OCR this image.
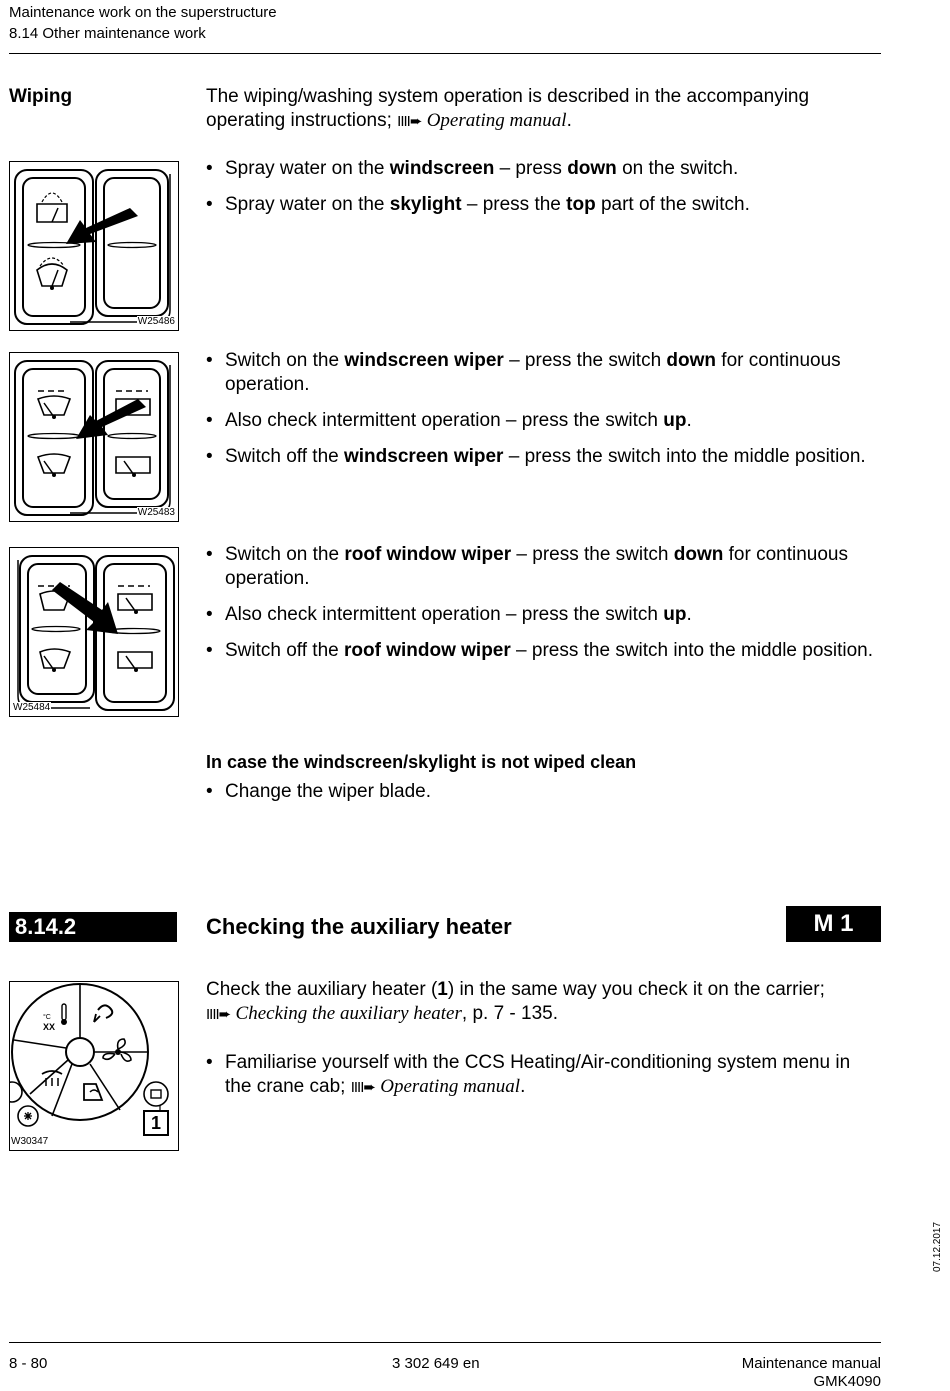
Maintenance work on the superstructure
8.14 Other maintenance work
Wiping	The wiping/washing system operation is described in the accompanying operating instructions; IIII➨ Operating manual.
• Spray water on the windscreen – press down on the switch.
• Spray water on the skylight – press the top part of the switch.
• Switch on the windscreen wiper – press the switch down for continuous operation.
• Also check intermittent operation – press the switch up.
• Switch off the windscreen wiper – press the switch into the middle position.
• Switch on the roof window wiper – press the switch down for continuous operation.
• Also check intermittent operation – press the switch up.
• Switch off the roof window wiper – press the switch into the middle position.
In case the windscreen/skylight is not wiped clean
• Change the wiper blade.
W25486
W25483
W25484
8.14.2	Checking the auxiliary heater	M 1
Check the auxiliary heater (1) in the same way you check it on the carrier;
IIII➨ Checking the auxiliary heater, p. 7 - 135.
• Familiarise yourself with the CCS Heating/Air-conditioning system menu in the crane cab; IIII➨ Operating manual.
°C
XX
1
W30347
07.12.2017
8 - 80	3 302 649 en	Maintenance manual
GMK4090
